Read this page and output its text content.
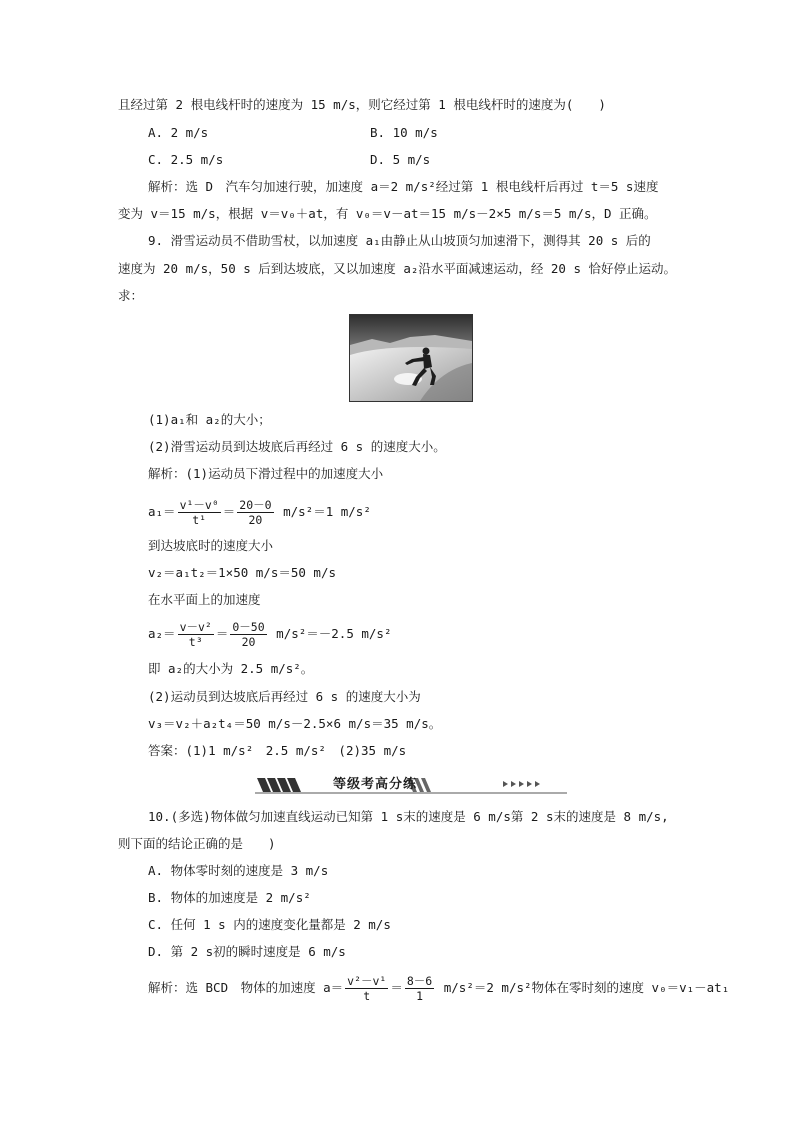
且经过第 2 根电线杆时的速度为 15 m/s，则它经过第 1 根电线杆时的速度为(　　)
A. 2 m/s	B. 10 m/s
C. 2.5 m/s	D. 5 m/s
解析：选 D　汽车匀加速行驶，加速度 a＝2 m/s²经过第 1 根电线杆后再过 t＝5 s速度
变为 v＝15 m/s，根据 v＝v₀＋at，有 v₀＝v－at＝15 m/s－2×5 m/s＝5 m/s，D 正确。
9. 滑雪运动员不借助雪杖，以加速度 a₁由静止从山坡顶匀加速滑下，测得其 20 s 后的
速度为 20 m/s，50 s 后到达坡底，又以加速度 a₂沿水平面减速运动，经 20 s 恰好停止运动。
求：
(1)a₁和 a₂的大小；
(2)滑雪运动员到达坡底后再经过 6 s 的速度大小。
解析：(1)运动员下滑过程中的加速度大小
$a_1= \frac{\text{v¹－v⁰}}{\text{t¹}} = \frac{20-0}{20} m/s^2=1$ m/s²
到达坡底时的速度大小
v₂＝a₁t₂＝1×50 m/s＝50 m/s
在水平面上的加速度
$a_2= \frac{\text{v－v²}}{\text{t³}} = \frac{0-50}{20} m/s^2=-2.5$ m/s²
即 a₂的大小为 2.5 m/s²。
(2)运动员到达坡底后再经过 6 s 的速度大小为
v₃＝v₂＋a₂t₄＝50 m/s－2.5×6 m/s＝35 m/s。
答案：(1)1 m/s²　2.5 m/s²　(2)35 m/s
等级考高分练
10.(多选)物体做匀加速直线运动已知第 1 s末的速度是 6 m/s第 2 s末的速度是 8 m/s,
则下面的结论正确的是　　)
A. 物体零时刻的速度是 3 m/s
B. 物体的加速度是 2 m/s²
C. 任何 1 s 内的速度变化量都是 2 m/s
D. 第 2 s初的瞬时速度是 6 m/s
解析：选 BCD　物体的加速度 $a= \frac{\text{v²－v¹}}{t} = \frac{8-6}{1} m/s^2=2$ m/s²物体在零时刻的速度 v₀＝v₁－at₁
